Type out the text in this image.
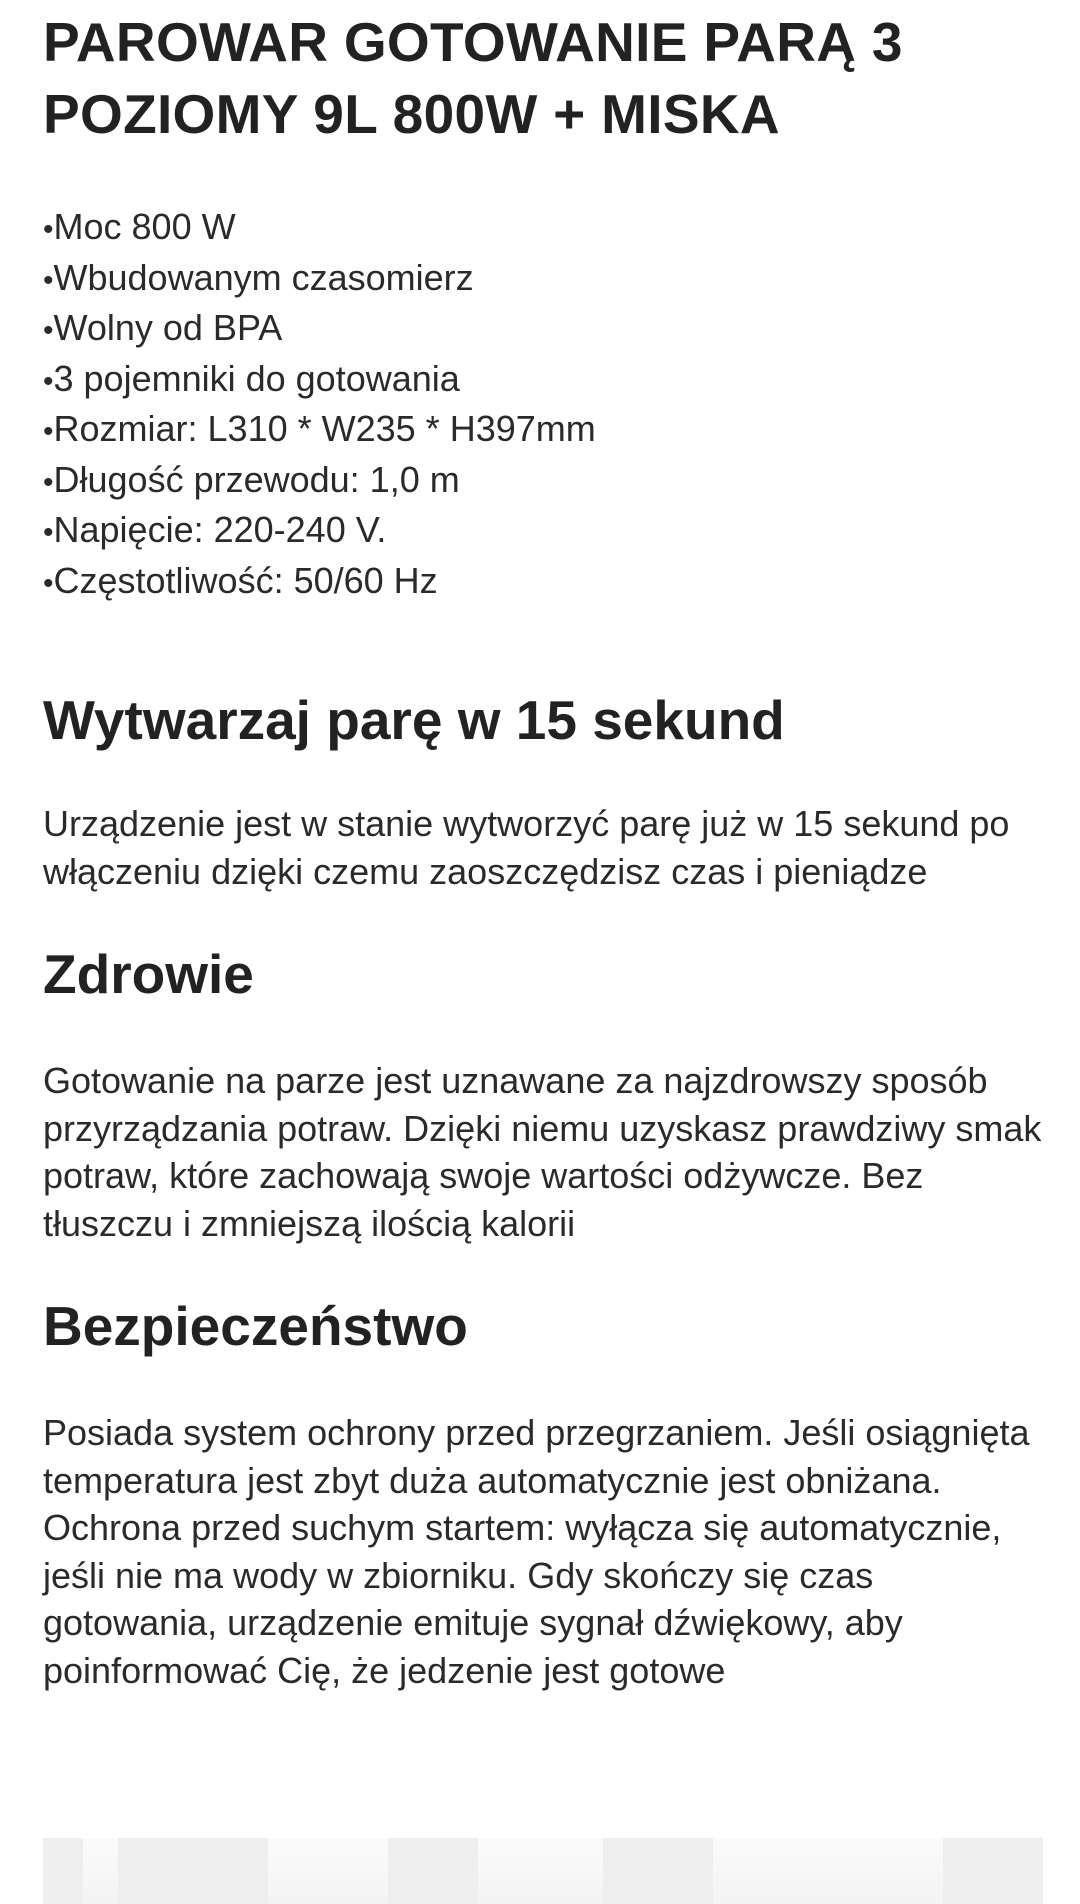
PAROWAR GOTOWANIE PARĄ 3 POZIOMY 9L 800W + MISKA
•Moc 800 W
•Wbudowanym czasomierz
•Wolny od BPA
•3 pojemniki do gotowania
•Rozmiar: L310 * W235 * H397mm
•Długość przewodu: 1,0 m
•Napięcie: 220-240 V.
•Częstotliwość: 50/60 Hz
Wytwarzaj parę w 15 sekund

Urządzenie jest w stanie wytworzyć parę już w 15 sekund po włączeniu dzięki czemu zaoszczędzisz czas i pieniądze

Zdrowie

Gotowanie na parze jest uznawane za najzdrowszy sposób przyrządzania potraw. Dzięki niemu uzyskasz prawdziwy smak potraw, które zachowają swoje wartości odżywcze. Bez tłuszczu i zmniejszą ilością kalorii

Bezpieczeństwo

Posiada system ochrony przed przegrzaniem. Jeśli osiągnięta temperatura jest zbyt duża automatycznie jest obniżana. Ochrona przed suchym startem: wyłącza się automatycznie, jeśli nie ma wody w zbiorniku. Gdy skończy się czas gotowania, urządzenie emituje sygnał dźwiękowy, aby poinformować Cię, że jedzenie jest gotowe
